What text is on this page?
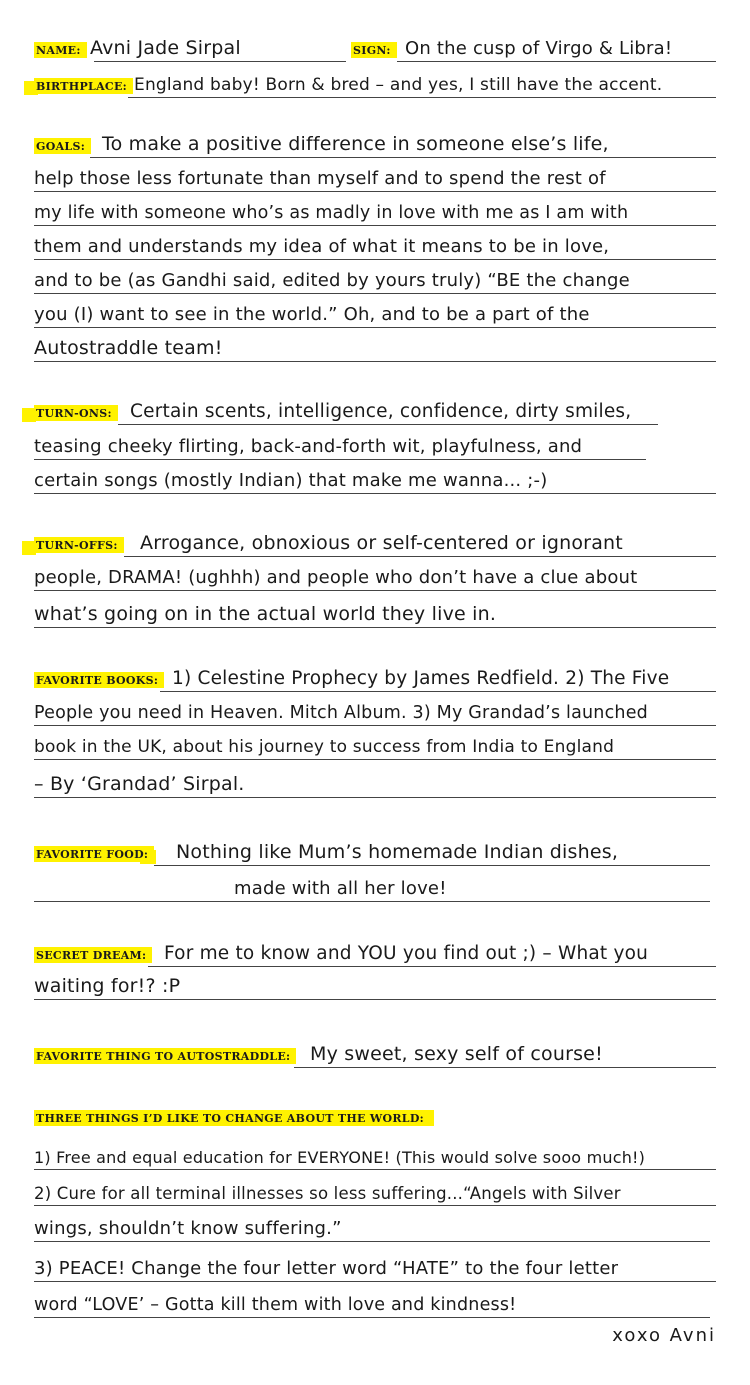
NAME: Avni Jade Sirpal	SIGN: On the cusp of Virgo & Libra!
BIRTHPLACE: England baby! Born & bred – and yes, I still have the accent.
GOALS: To make a positive difference in someone else’s life,
help those less fortunate than myself and to spend the rest of
my life with someone who’s as madly in love with me as I am with
them and understands my idea of what it means to be in love,
and to be (as Gandhi said, edited by yours truly) “BE the change
you (I) want to see in the world.” Oh, and to be a part of the
Autostraddle team!
TURN-ONS: Certain scents, intelligence, confidence, dirty smiles,
teasing cheeky flirting, back-and-forth wit, playfulness, and
certain songs (mostly Indian) that make me wanna... ;-)
TURN-OFFS:	Arrogance, obnoxious or self-centered or ignorant
people, DRAMA! (ughhh) and people who don’t have a clue about
what’s going on in the actual world they live in.
FAVORITE BOOKS: 1) Celestine Prophecy by James Redfield. 2) The Five
People you need in Heaven. Mitch Album. 3) My Grandad’s launched
book in the UK, about his journey to success from India to England
– By ‘Grandad’ Sirpal.
FAVORITE FOOD:	Nothing like Mum’s homemade Indian dishes,
made with all her love!
SECRET DREAM: For me to know and YOU you find out ;) – What you
waiting for!? :P
FAVORITE THING TO AUTOSTRADDLE:	My sweet, sexy self of course!
THREE THINGS I’D LIKE TO CHANGE ABOUT THE WORLD:
1) Free and equal education for EVERYONE! (This would solve sooo much!)
2) Cure for all terminal illnesses so less suffering...“Angels with Silver
wings, shouldn’t know suffering.”
3) PEACE! Change the four letter word “HATE” to the four letter
word “LOVE’ – Gotta kill them with love and kindness!
xoxo Avni
